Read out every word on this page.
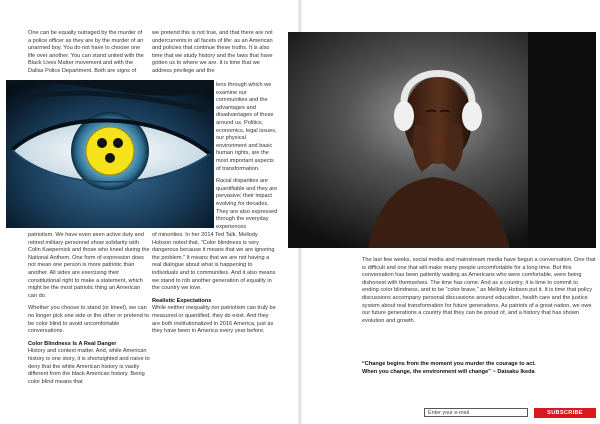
One can be equally outraged by the murder of a police officer as they are by the murder of an unarmed boy. You do not have to choose one life over another. You can stand united with the Black Lives Matter movement and with the Dallas Police Department. Both are signs of

patriotism. We have even seen active duty and retired military personnel show solidarity with Colin Kaepernick and those who kneel during the National Anthem. One form of expression does not mean one person is more patriotic than another. All sides are exercising their constitutional right to make a statement, which might be the most patriotic thing an American can do.

Whether you choose to stand (or kneel), we can no longer pick one side or the other or pretend to be color blind to avoid uncomfortable conversations.

Color Blindness Is A Real Danger

History and context matter. And, while American history is one story, it is shortsighted and naive to deny that the white American history is vastly different from the black American history. Being color blind means that

we pretend this is not true, and that there are not undercurrents in all facets of life: as an American and policies that continue these truths. It is also time that we study history and the laws that have gotten us to where we are. It is time that we address privilege and the

lens through which we examine our communities and the advantages and disadvantages of those around us. Politics, economics, legal issues, our physical environment and basic human rights, are the most important aspects of transformation.

Racial disparities are quantifiable and they are pervasive; their impact evolving for decades. They are also expressed through the everyday experiences

of minorities. In her 2014 Ted Talk, Mellody Hobson noted that, “Color blindness is very dangerous because it means that we are ignoring the problem.” It means that we are not having a real dialogue about what is happening to individuals and to communities. And it also means we stand to rob another generation of equality in the country we love.

Realistic Expectations

While neither inequality nor patriotism can truly be measured or quantified, they do exist. And they are both institutionalized in 2016 America, just as they have been in America every year before.

The last few weeks, social media and mainstream media have begun a conversation. One that is difficult and one that will make many people uncomfortable for a long time. But this conversation has been patiently waiting as Americans who were comfortable, were being dishonest with themselves. The time has come. And as a country, it is time to commit to ending color blindness, and to be “color brave,” as Mellody Hobson put it. It is time that policy discussions accompany personal discussions around education, health care and the justice system about real transformation for future generations. As patriots of a great nation, we owe our future generations a country that they can be proud of, and a history that has shown evolution and growth.

“Change begins from the moment you murder the courage to act. When you change, the environment will change” ~ Daisaku Ikeda

Enter your e-mail
SUBSCRIBE
